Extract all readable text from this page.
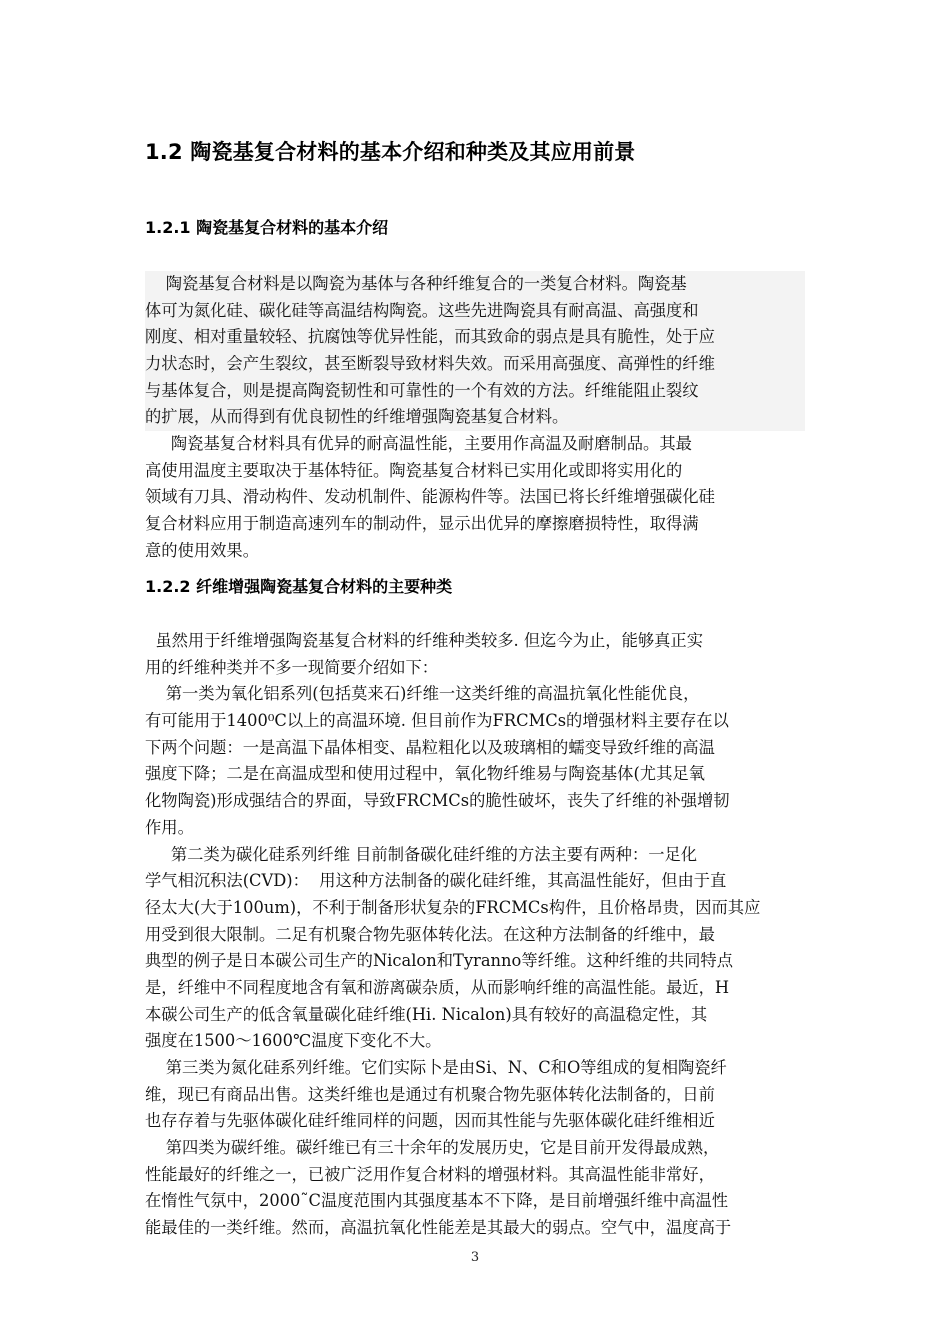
1.2 陶瓷基复合材料的基本介绍和种类及其应用前景
1.2.1 陶瓷基复合材料的基本介绍
陶瓷基复合材料是以陶瓷为基体与各种纤维复合的一类复合材料。陶瓷基
体可为氮化硅、碳化硅等高温结构陶瓷。这些先进陶瓷具有耐高温、高强度和
刚度、相对重量较轻、抗腐蚀等优异性能，而其致命的弱点是具有脆性，处于应
力状态时，会产生裂纹，甚至断裂导致材料失效。而采用高强度、高弹性的纤维
与基体复合，则是提高陶瓷韧性和可靠性的一个有效的方法。纤维能阻止裂纹
的扩展，从而得到有优良韧性的纤维增强陶瓷基复合材料。
陶瓷基复合材料具有优异的耐高温性能，主要用作高温及耐磨制品。其最
高使用温度主要取决于基体特征。陶瓷基复合材料已实用化或即将实用化的
领域有刀具、滑动构件、发动机制件、能源构件等。法国已将长纤维增强碳化硅
复合材料应用于制造高速列车的制动件，显示出优异的摩擦磨损特性，取得满
意的使用效果。
1.2.2 纤维增强陶瓷基复合材料的主要种类
虽然用于纤维增强陶瓷基复合材料的纤维种类较多. 但迄今为止，能够真正实
用的纤维种类并不多一现简要介绍如下：
第一类为氧化铝系列(包括莫来石)纤维一这类纤维的高温抗氧化性能优良，
有可能用于1400⁰C以上的高温环境. 但目前作为FRCMCs的增强材料主要存在以
下两个问题：一是高温下晶体相变、晶粒粗化以及玻璃相的蠕变导致纤维的高温
强度下降；二是在高温成型和使用过程中，氧化物纤维易与陶瓷基体(尤其足氧
化物陶瓷)形成强结合的界面，导致FRCMCs的脆性破坏，丧失了纤维的补强增韧
作用。
第二类为碳化硅系列纤维 目前制备碳化硅纤维的方法主要有两种：一足化
学气相沉积法(CVD)：  用这种方法制备的碳化硅纤维，其高温性能好，但由于直
径太大(大于100um)，不利于制备形状复杂的FRCMCs构件，且价格昂贵，因而其应
用受到很大限制。二足有机聚合物先驱体转化法。在这种方法制备的纤维中，最
典型的例子是日本碳公司生产的Nicalon和Tyranno等纤维。这种纤维的共同特点
是，纤维中不同程度地含有氧和游离碳杂质，从而影响纤维的高温性能。最近，H
本碳公司生产的低含氧量碳化硅纤维(Hi. Nicalon)具有较好的高温稳定性，其
强度在1500～1600℃温度下变化不大。
第三类为氮化硅系列纤维。它们实际卜是由Si、N、C和O等组成的复相陶瓷纤
维，现已有商品出售。这类纤维也是通过有机聚合物先驱体转化法制备的，日前
也存存着与先驱体碳化硅纤维同样的问题，因而其性能与先驱体碳化硅纤维相近
第四类为碳纤维。碳纤维已有三十余年的发展历史，它是目前开发得最成熟，
性能最好的纤维之一，已被广泛用作复合材料的增强材料。其高温性能非常好，
在惰性气氛中，2000˜C温度范围内其强度基本不下降，是目前增强纤维中高温性
能最佳的一类纤维。然而，高温抗氧化性能差是其最大的弱点。空气中，温度高于
3
